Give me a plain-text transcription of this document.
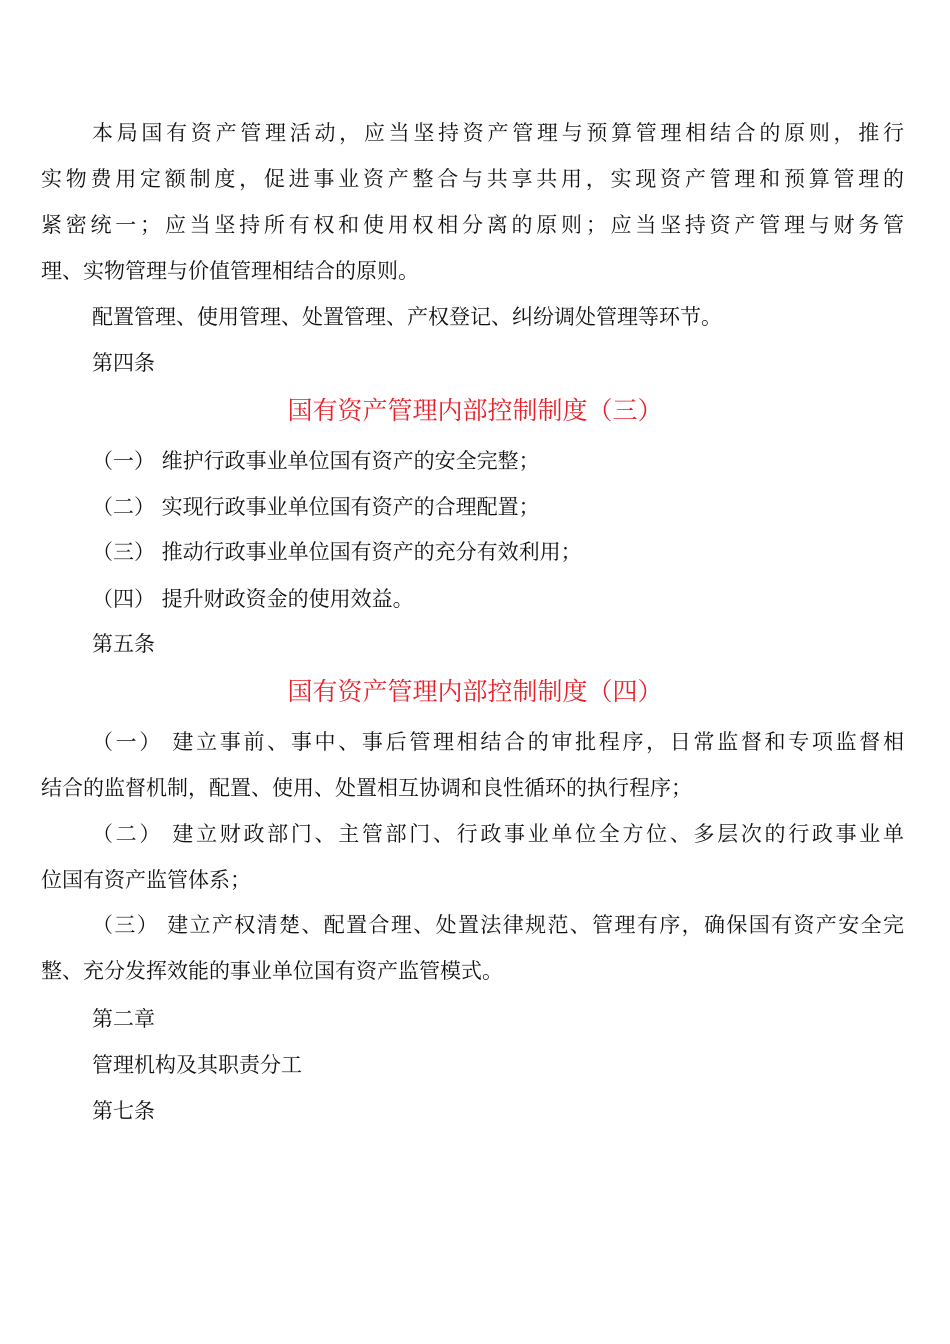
本局国有资产管理活动，应当坚持资产管理与预算管理相结合的原则，推行
实物费用定额制度，促进事业资产整合与共享共用，实现资产管理和预算管理的
紧密统一；应当坚持所有权和使用权相分离的原则；应当坚持资产管理与财务管
理、实物管理与价值管理相结合的原则。
配置管理、使用管理、处置管理、产权登记、纠纷调处管理等环节。
第四条
国有资产管理内部控制制度（三）
（一） 维护行政事业单位国有资产的安全完整；
（二） 实现行政事业单位国有资产的合理配置；
（三） 推动行政事业单位国有资产的充分有效利用；
（四） 提升财政资金的使用效益。
第五条
国有资产管理内部控制制度（四）
（一） 建立事前、事中、事后管理相结合的审批程序，日常监督和专项监督相
结合的监督机制，配置、使用、处置相互协调和良性循环的执行程序；
（二） 建立财政部门、主管部门、行政事业单位全方位、多层次的行政事业单
位国有资产监管体系；
（三） 建立产权清楚、配置合理、处置法律规范、管理有序，确保国有资产安全完
整、充分发挥效能的事业单位国有资产监管模式。
第二章
管理机构及其职责分工
第七条
